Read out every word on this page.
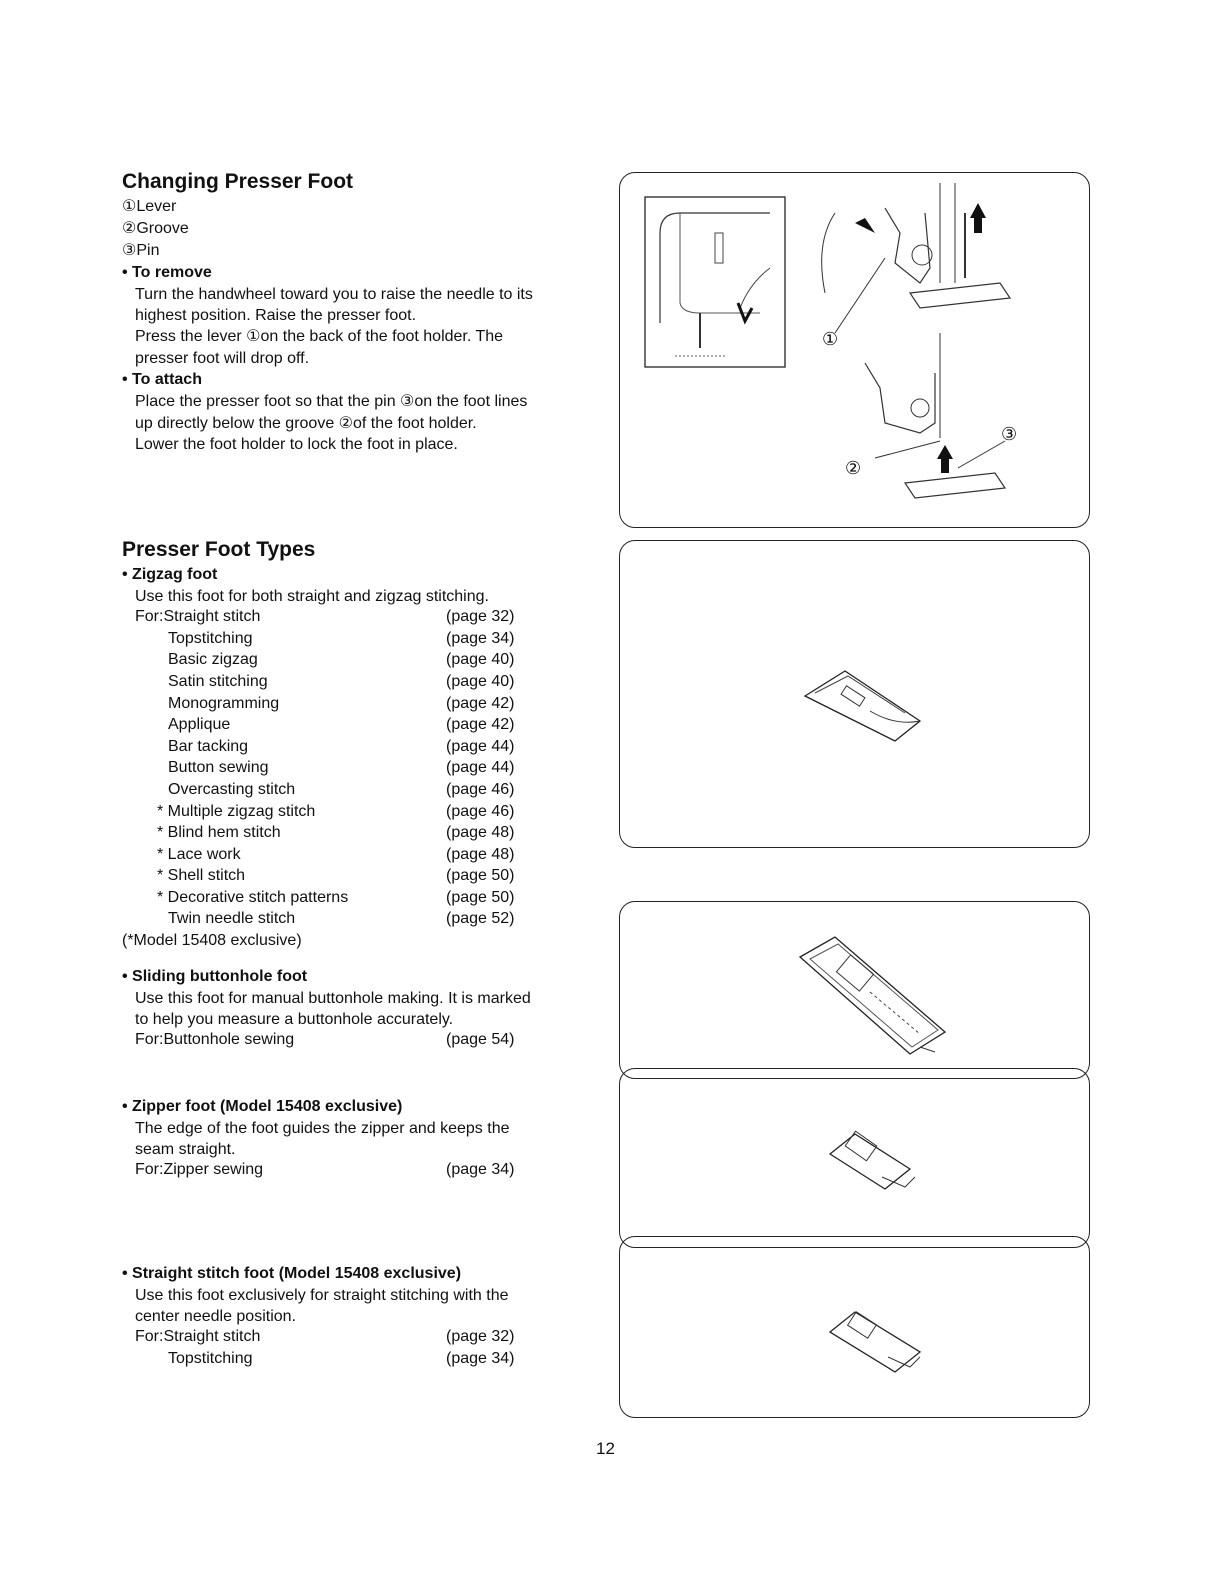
Changing Presser Foot
①Lever
②Groove
③Pin
• To remove
Turn the handwheel toward you to raise the needle to its
highest position. Raise the presser foot.
Press the lever ①on the back of the foot holder. The
presser foot will drop off.
• To attach
Place the presser foot so that the pin ③on the foot lines
up directly below the groove ②of the foot holder.
Lower the foot holder to lock the foot in place.
①
②
③
Presser Foot Types
• Zigzag foot
Use this foot for both straight and zigzag stitching.
For:Straight stitch	(page 32)
Topstitching	(page 34)
Basic zigzag	(page 40)
Satin stitching	(page 40)
Monogramming	(page 42)
Applique	(page 42)
Bar tacking	(page 44)
Button sewing	(page 44)
Overcasting stitch	(page 46)
* Multiple zigzag stitch	(page 46)
* Blind hem stitch	(page 48)
* Lace work	(page 48)
* Shell stitch	(page 50)
* Decorative stitch patterns	(page 50)
Twin needle stitch	(page 52)
(*Model 15408 exclusive)
• Sliding buttonhole foot
Use this foot for manual buttonhole making. It is marked
to help you measure a buttonhole accurately.
For:Buttonhole sewing	(page 54)
• Zipper foot (Model 15408 exclusive)
The edge of the foot guides the zipper and keeps the
seam straight.
For:Zipper sewing	(page 34)
• Straight stitch foot (Model 15408 exclusive)
Use this foot exclusively for straight stitching with the
center needle position.
For:Straight stitch	(page 32)
Topstitching	(page 34)
12
